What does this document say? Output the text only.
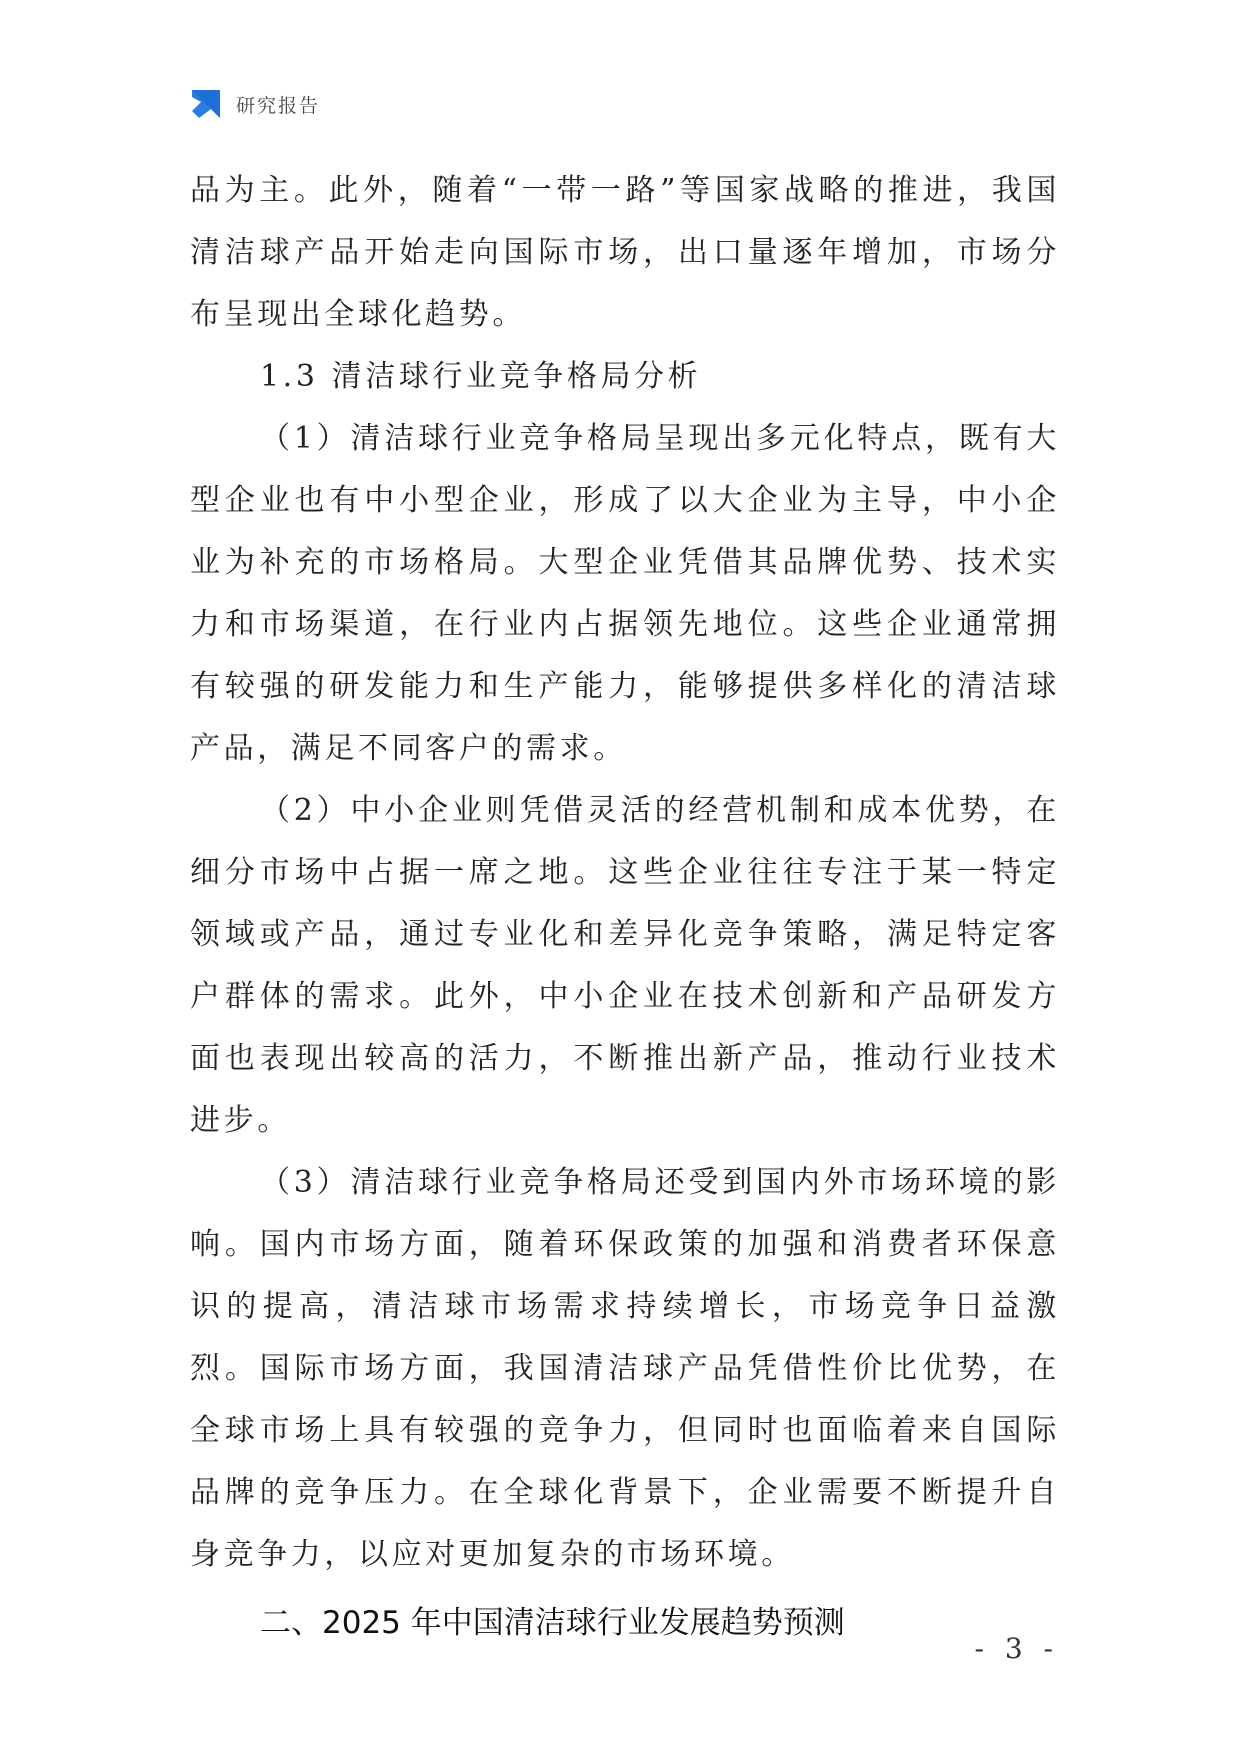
研究报告

品为主。此外，随着“一带一路”等国家战略的推进，我国清洁球产品开始走向国际市场，出口量逐年增加，市场分布呈现出全球化趋势。

1.3 清洁球行业竞争格局分析

（1）清洁球行业竞争格局呈现出多元化特点，既有大型企业也有中小型企业，形成了以大企业为主导，中小企业为补充的市场格局。大型企业凭借其品牌优势、技术实力和市场渠道，在行业内占据领先地位。这些企业通常拥有较强的研发能力和生产能力，能够提供多样化的清洁球产品，满足不同客户的需求。

（2）中小企业则凭借灵活的经营机制和成本优势，在细分市场中占据一席之地。这些企业往往专注于某一特定领域或产品，通过专业化和差异化竞争策略，满足特定客户群体的需求。此外，中小企业在技术创新和产品研发方面也表现出较高的活力，不断推出新产品，推动行业技术进步。

（3）清洁球行业竞争格局还受到国内外市场环境的影响。国内市场方面，随着环保政策的加强和消费者环保意识的提高，清洁球市场需求持续增长，市场竞争日益激烈。国际市场方面，我国清洁球产品凭借性价比优势，在全球市场上具有较强的竞争力，但同时也面临着来自国际品牌的竞争压力。在全球化背景下，企业需要不断提升自身竞争力，以应对更加复杂的市场环境。

二、2025 年中国清洁球行业发展趋势预测

- 3 -
